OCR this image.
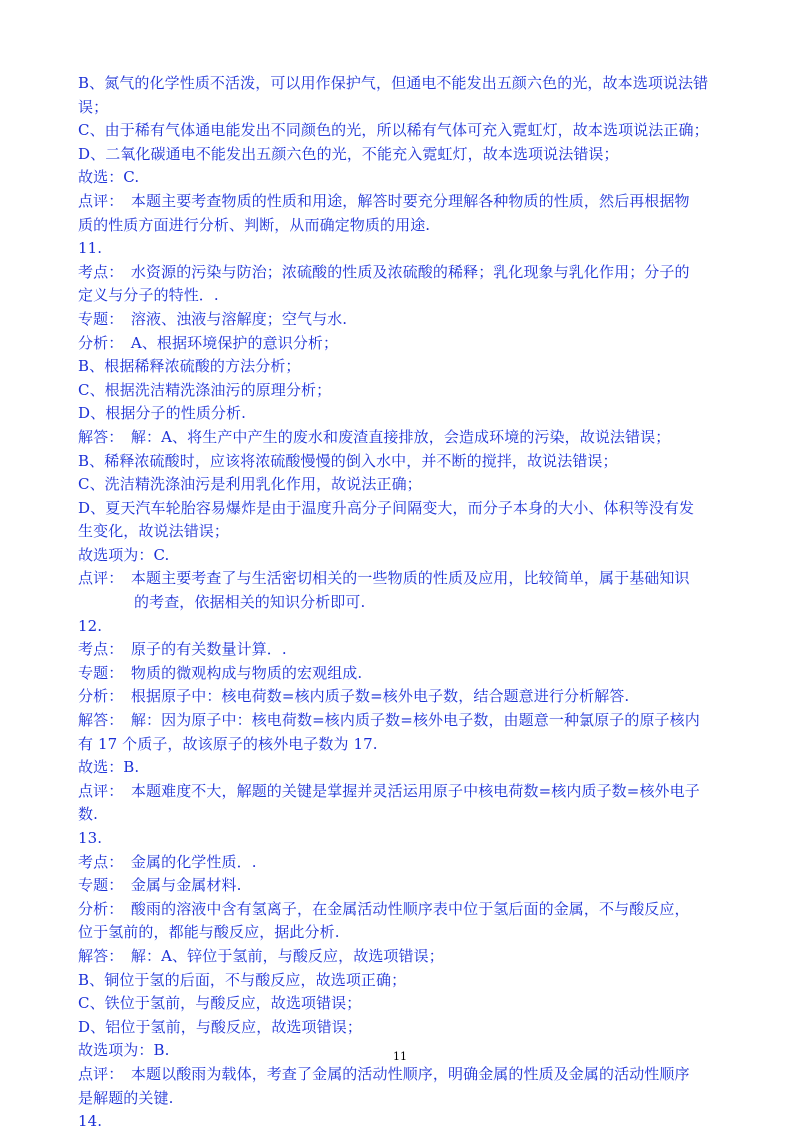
B、氮气的化学性质不活泼，可以用作保护气，但通电不能发出五颜六色的光，故本选项说法错
误；
C、由于稀有气体通电能发出不同颜色的光，所以稀有气体可充入霓虹灯，故本选项说法正确；
D、二氧化碳通电不能发出五颜六色的光，不能充入霓虹灯，故本选项说法错误；
故选：C.
点评：　本题主要考查物质的性质和用途，解答时要充分理解各种物质的性质，然后再根据物
质的性质方面进行分析、判断，从而确定物质的用途.
11.
考点：　水资源的污染与防治；浓硫酸的性质及浓硫酸的稀释；乳化现象与乳化作用；分子的
定义与分子的特性．.
专题：　溶液、浊液与溶解度；空气与水.
分析：　A、根据环境保护的意识分析；
B、根据稀释浓硫酸的方法分析；
C、根据洗洁精洗涤油污的原理分析；
D、根据分子的性质分析.
解答：　解：A、将生产中产生的废水和废渣直接排放，会造成环境的污染，故说法错误；
B、稀释浓硫酸时，应该将浓硫酸慢慢的倒入水中，并不断的搅拌，故说法错误；
C、洗洁精洗涤油污是利用乳化作用，故说法正确；
D、夏天汽车轮胎容易爆炸是由于温度升高分子间隔变大，而分子本身的大小、体积等没有发
生变化，故说法错误；
故选项为：C.
点评：　本题主要考查了与生活密切相关的一些物质的性质及应用，比较简单，属于基础知识
的考查，依据相关的知识分析即可.
12.
考点：　原子的有关数量计算．.
专题：　物质的微观构成与物质的宏观组成.
分析：　根据原子中：核电荷数=核内质子数=核外电子数，结合题意进行分析解答.
解答：　解：因为原子中：核电荷数=核内质子数=核外电子数，由题意一种氯原子的原子核内
有 17 个质子，故该原子的核外电子数为 17.
故选：B.
点评：　本题难度不大，解题的关键是掌握并灵活运用原子中核电荷数=核内质子数=核外电子
数.
13.
考点：　金属的化学性质．.
专题：　金属与金属材料.
分析：　酸雨的溶液中含有氢离子，在金属活动性顺序表中位于氢后面的金属，不与酸反应，
位于氢前的，都能与酸反应，据此分析.
解答：　解：A、锌位于氢前，与酸反应，故选项错误；
B、铜位于氢的后面，不与酸反应，故选项正确；
C、铁位于氢前，与酸反应，故选项错误；
D、铝位于氢前，与酸反应，故选项错误；
故选项为：B.
点评：　本题以酸雨为载体，考查了金属的活动性顺序，明确金属的性质及金属的活动性顺序
是解题的关键.
14.
11
